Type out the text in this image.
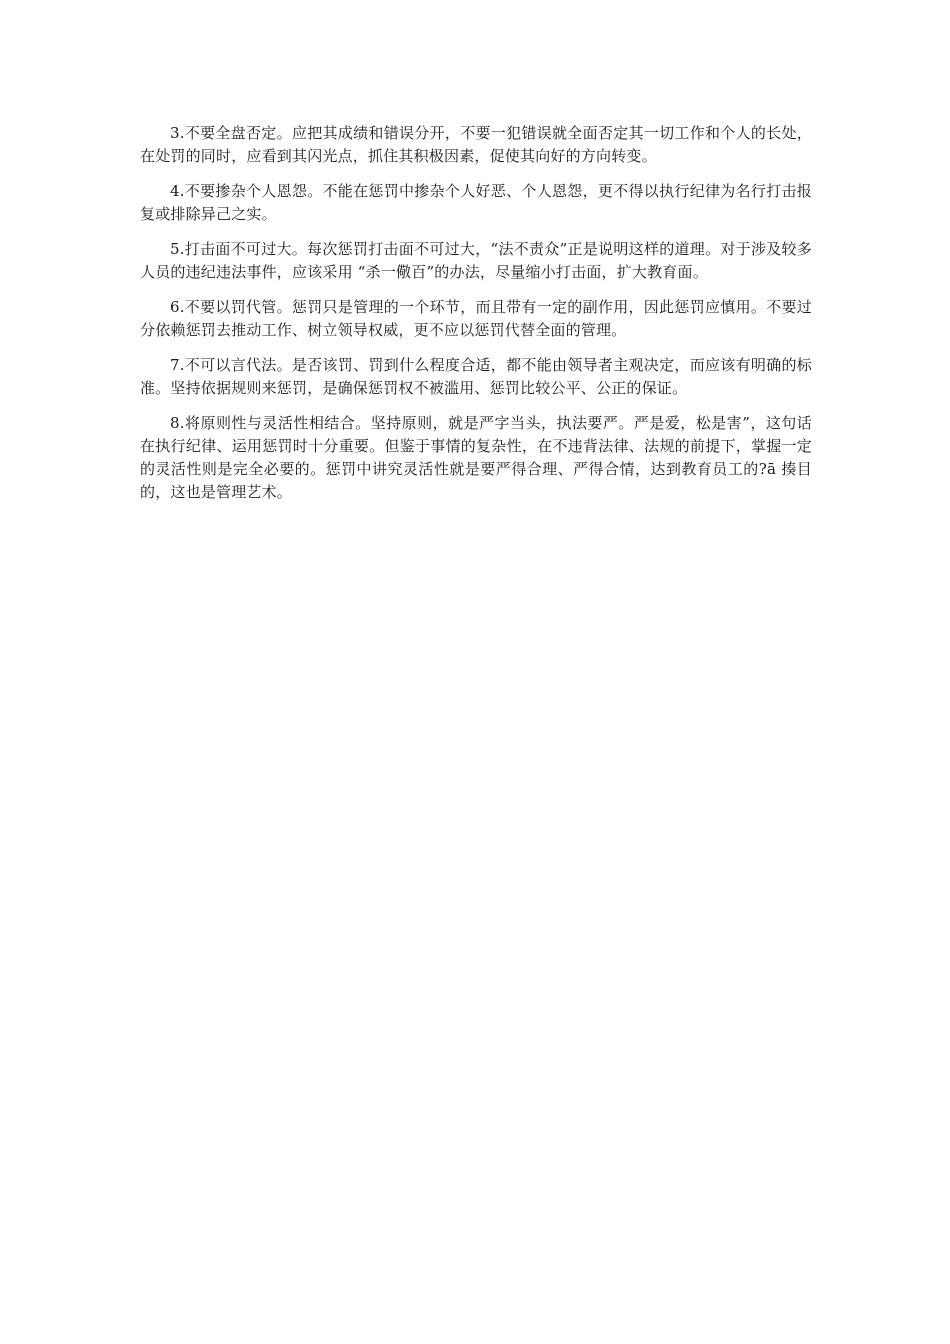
3.不要全盘否定。应把其成绩和错误分开，不要一犯错误就全面否定其一切工作和个人的长处，在处罚的同时，应看到其闪光点，抓住其积极因素，促使其向好的方向转变。

4.不要掺杂个人恩怨。不能在惩罚中掺杂个人好恶、个人恩怨，更不得以执行纪律为名行打击报复或排除异己之实。

5.打击面不可过大。每次惩罚打击面不可过大，“法不责众”正是说明这样的道理。对于涉及较多人员的违纪违法事件，应该采用 “杀一儆百”的办法，尽量缩小打击面，扩大教育面。

6.不要以罚代管。惩罚只是管理的一个环节，而且带有一定的副作用，因此惩罚应慎用。不要过分依赖惩罚去推动工作、树立领导权威，更不应以惩罚代替全面的管理。

7.不可以言代法。是否该罚、罚到什么程度合适，都不能由领导者主观决定，而应该有明确的标准。坚持依据规则来惩罚，是确保惩罚权不被滥用、惩罚比较公平、公正的保证。

8.将原则性与灵活性相结合。坚持原则，就是严字当头，执法要严。严是爱，松是害”，这句话在执行纪律、运用惩罚时十分重要。但鉴于事情的复杂性，在不违背法律、法规的前提下，掌握一定的灵活性则是完全必要的。惩罚中讲究灵活性就是要严得合理、严得合情，达到教育员工的?ā 揍目的，这也是管理艺术。
